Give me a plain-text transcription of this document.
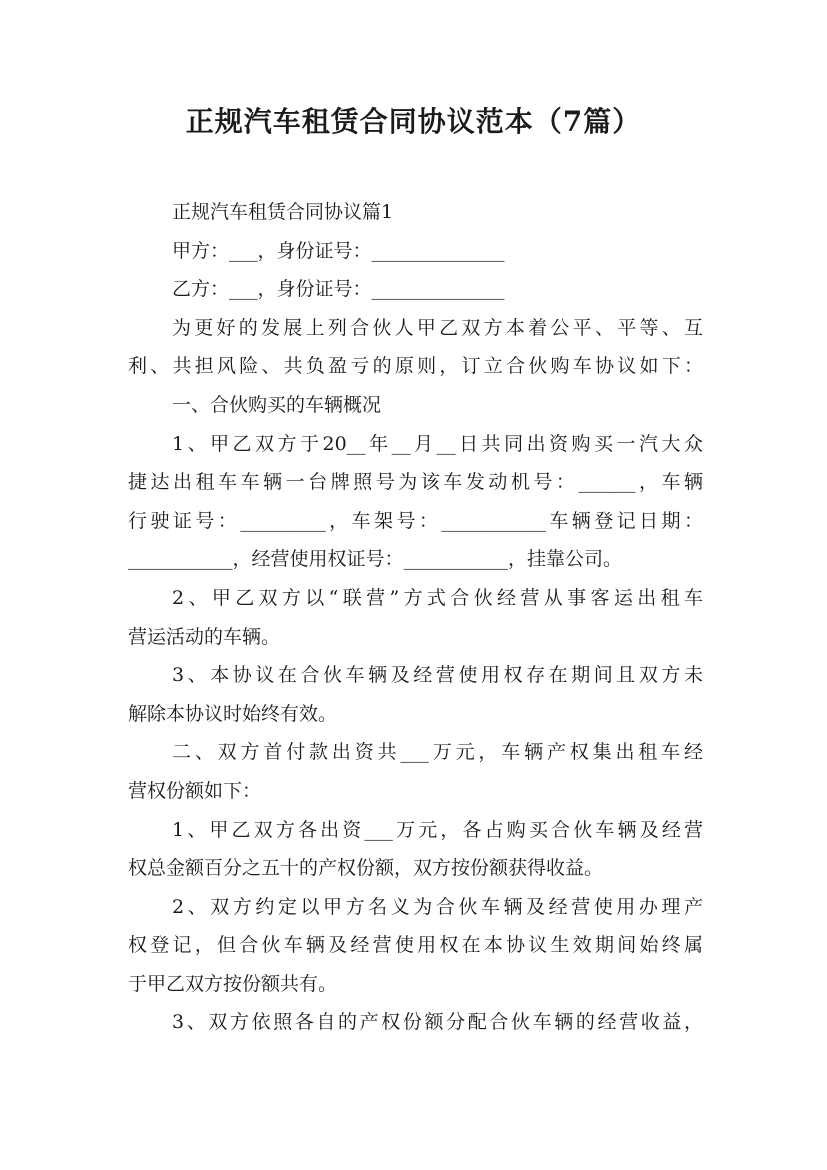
正规汽车租赁合同协议范本（7篇）
正规汽车租赁合同协议篇1
甲方：___，身份证号：______________
乙方：___，身份证号：______________
为更好的发展上列合伙人甲乙双方本着公平、平等、互
利、共担风险、共负盈亏的原则，订立合伙购车协议如下：
一、合伙购买的车辆概况
1、甲乙双方于20__年__月__日共同出资购买一汽大众
捷达出租车车辆一台牌照号为该车发动机号：______，车辆
行驶证号：_________，车架号：___________车辆登记日期：
___________，经营使用权证号：___________，挂靠公司。
2、甲乙双方以“联营”方式合伙经营从事客运出租车
营运活动的车辆。
3、本协议在合伙车辆及经营使用权存在期间且双方未
解除本协议时始终有效。
二、双方首付款出资共___万元，车辆产权集出租车经
营权份额如下：
1、甲乙双方各出资___万元，各占购买合伙车辆及经营
权总金额百分之五十的产权份额，双方按份额获得收益。
2、双方约定以甲方名义为合伙车辆及经营使用办理产
权登记，但合伙车辆及经营使用权在本协议生效期间始终属
于甲乙双方按份额共有。
3、双方依照各自的产权份额分配合伙车辆的经营收益，
